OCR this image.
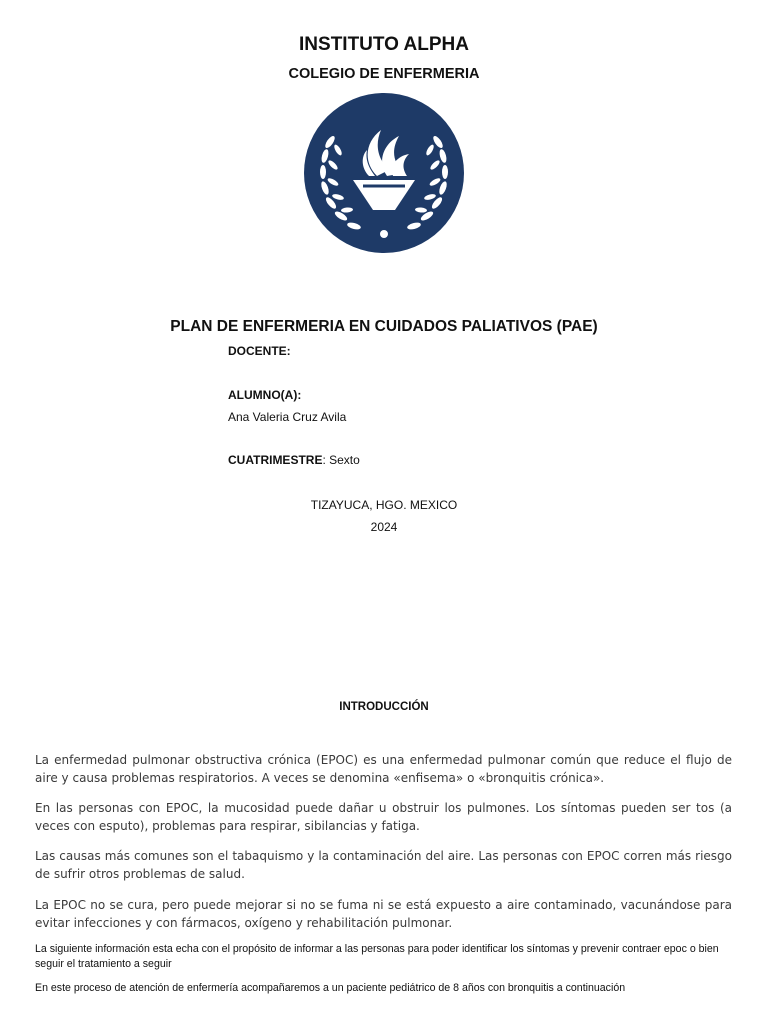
INSTITUTO ALPHA
COLEGIO DE ENFERMERIA
PLAN DE ENFERMERIA EN CUIDADOS PALIATIVOS (PAE)
DOCENTE:
ALUMNO(A):
Ana Valeria Cruz Avila
CUATRIMESTRE: Sexto
TIZAYUCA, HGO. MEXICO
2024
INTRODUCCIÓN
La enfermedad pulmonar obstructiva crónica (EPOC) es una enfermedad pulmonar común que reduce el flujo de aire y causa problemas respiratorios. A veces se denomina «enfisema» o «bronquitis crónica».
En las personas con EPOC, la mucosidad puede dañar u obstruir los pulmones. Los síntomas pueden ser tos (a veces con esputo), problemas para respirar, sibilancias y fatiga.
Las causas más comunes son el tabaquismo y la contaminación del aire. Las personas con EPOC corren más riesgo de sufrir otros problemas de salud.
La EPOC no se cura, pero puede mejorar si no se fuma ni se está expuesto a aire contaminado, vacunándose para evitar infecciones y con fármacos, oxígeno y rehabilitación pulmonar.
La siguiente información esta echa con el propósito de informar a las personas para poder identificar los síntomas y prevenir contraer epoc o bien seguir el tratamiento a seguir
En este proceso de atención de enfermería acompañaremos a un paciente pediátrico de 8 años con bronquitis a continuación
